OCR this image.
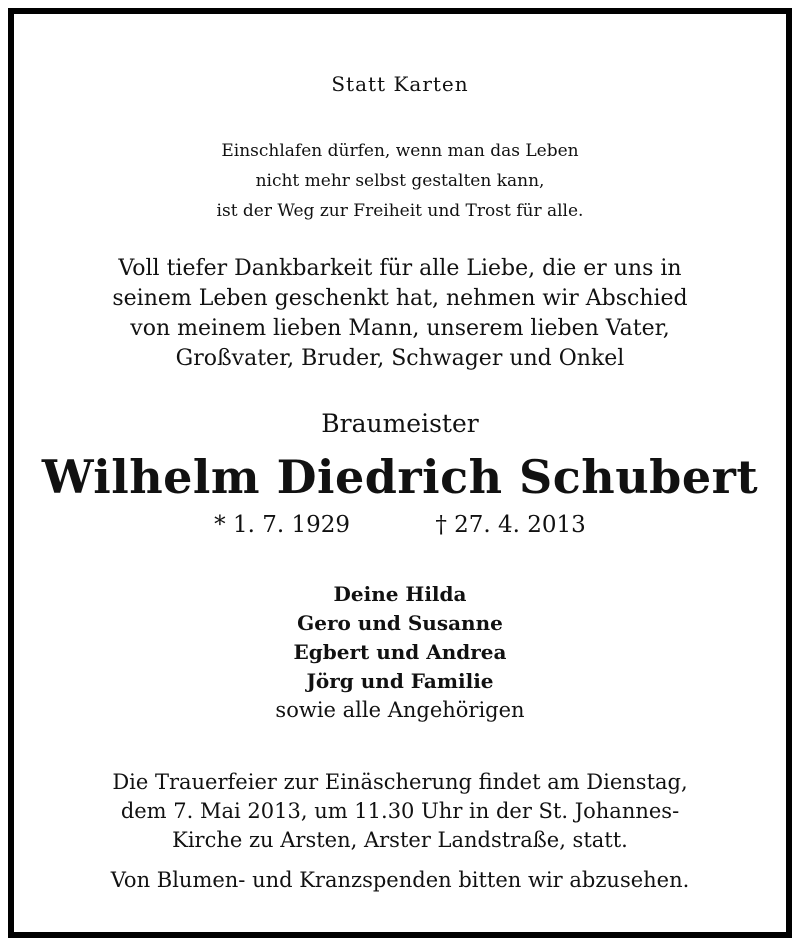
Statt Karten
Einschlafen dürfen, wenn man das Leben
nicht mehr selbst gestalten kann,
ist der Weg zur Freiheit und Trost für alle.
Voll tiefer Dankbarkeit für alle Liebe, die er uns in
seinem Leben geschenkt hat, nehmen wir Abschied
von meinem lieben Mann, unserem lieben Vater,
Großvater, Bruder, Schwager und Onkel
Braumeister
Wilhelm Diedrich Schubert
* 1. 7. 1929	† 27. 4. 2013
Deine Hilda
Gero und Susanne
Egbert und Andrea
Jörg und Familie
sowie alle Angehörigen
Die Trauerfeier zur Einäscherung findet am Dienstag,
dem 7. Mai 2013, um 11.30 Uhr in der St. Johannes-
Kirche zu Arsten, Arster Landstraße, statt.
Von Blumen- und Kranzspenden bitten wir abzusehen.
